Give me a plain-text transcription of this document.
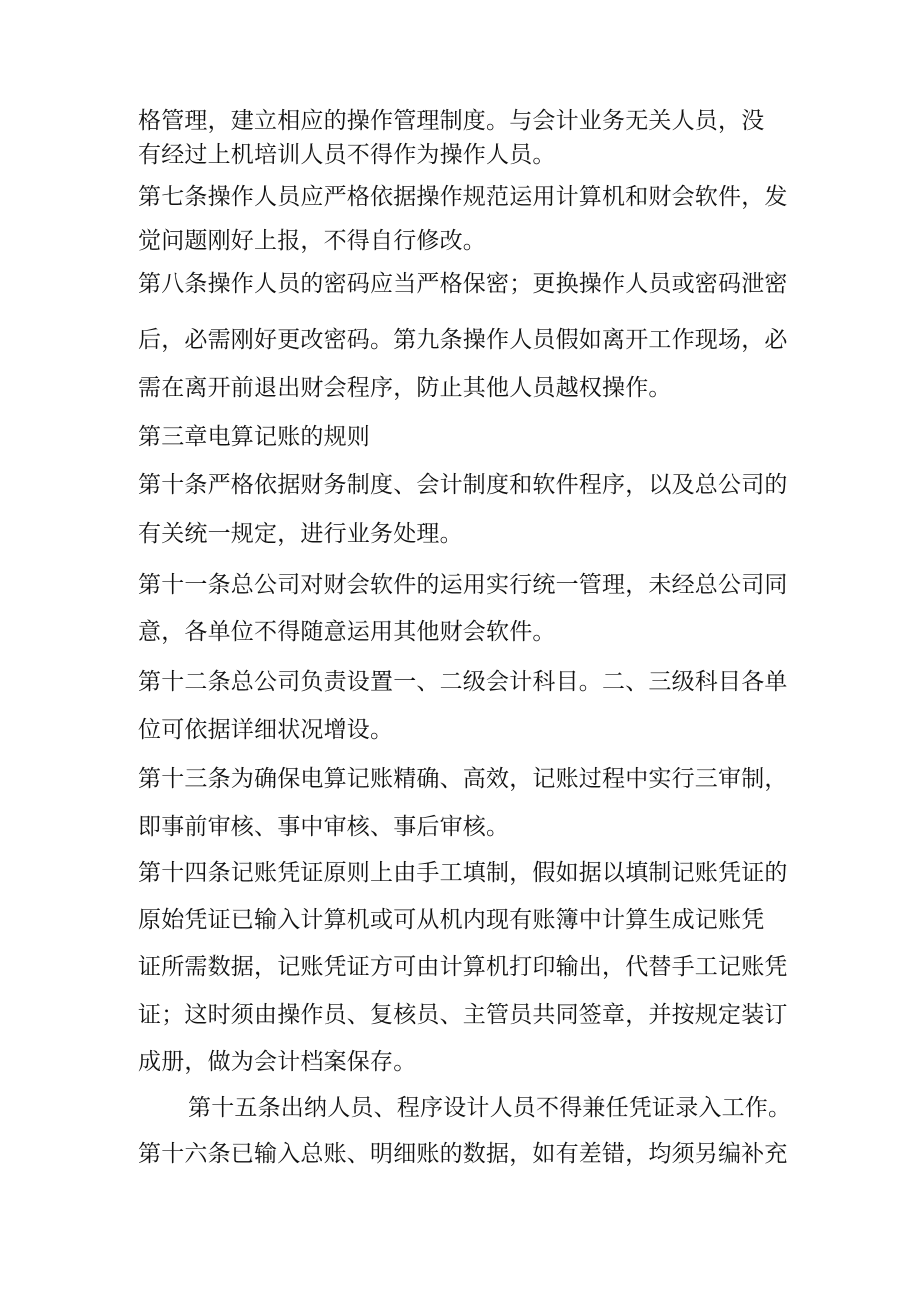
格管理，建立相应的操作管理制度。与会计业务无关人员，没
有经过上机培训人员不得作为操作人员。
第七条操作人员应严格依据操作规范运用计算机和财会软件，发
觉问题刚好上报，不得自行修改。
第八条操作人员的密码应当严格保密；更换操作人员或密码泄密
后，必需刚好更改密码。第九条操作人员假如离开工作现场，必
需在离开前退出财会程序，防止其他人员越权操作。
第三章电算记账的规则
第十条严格依据财务制度、会计制度和软件程序，以及总公司的
有关统一规定，进行业务处理。
第十一条总公司对财会软件的运用实行统一管理，未经总公司同
意，各单位不得随意运用其他财会软件。
第十二条总公司负责设置一、二级会计科目。二、三级科目各单
位可依据详细状况增设。
第十三条为确保电算记账精确、高效，记账过程中实行三审制，
即事前审核、事中审核、事后审核。
第十四条记账凭证原则上由手工填制，假如据以填制记账凭证的
原始凭证已输入计算机或可从机内现有账簿中计算生成记账凭
证所需数据，记账凭证方可由计算机打印输出，代替手工记账凭
证；这时须由操作员、复核员、主管员共同签章，并按规定装订
成册，做为会计档案保存。
第十五条出纳人员、程序设计人员不得兼任凭证录入工作。
第十六条已输入总账、明细账的数据，如有差错，均须另编补充
